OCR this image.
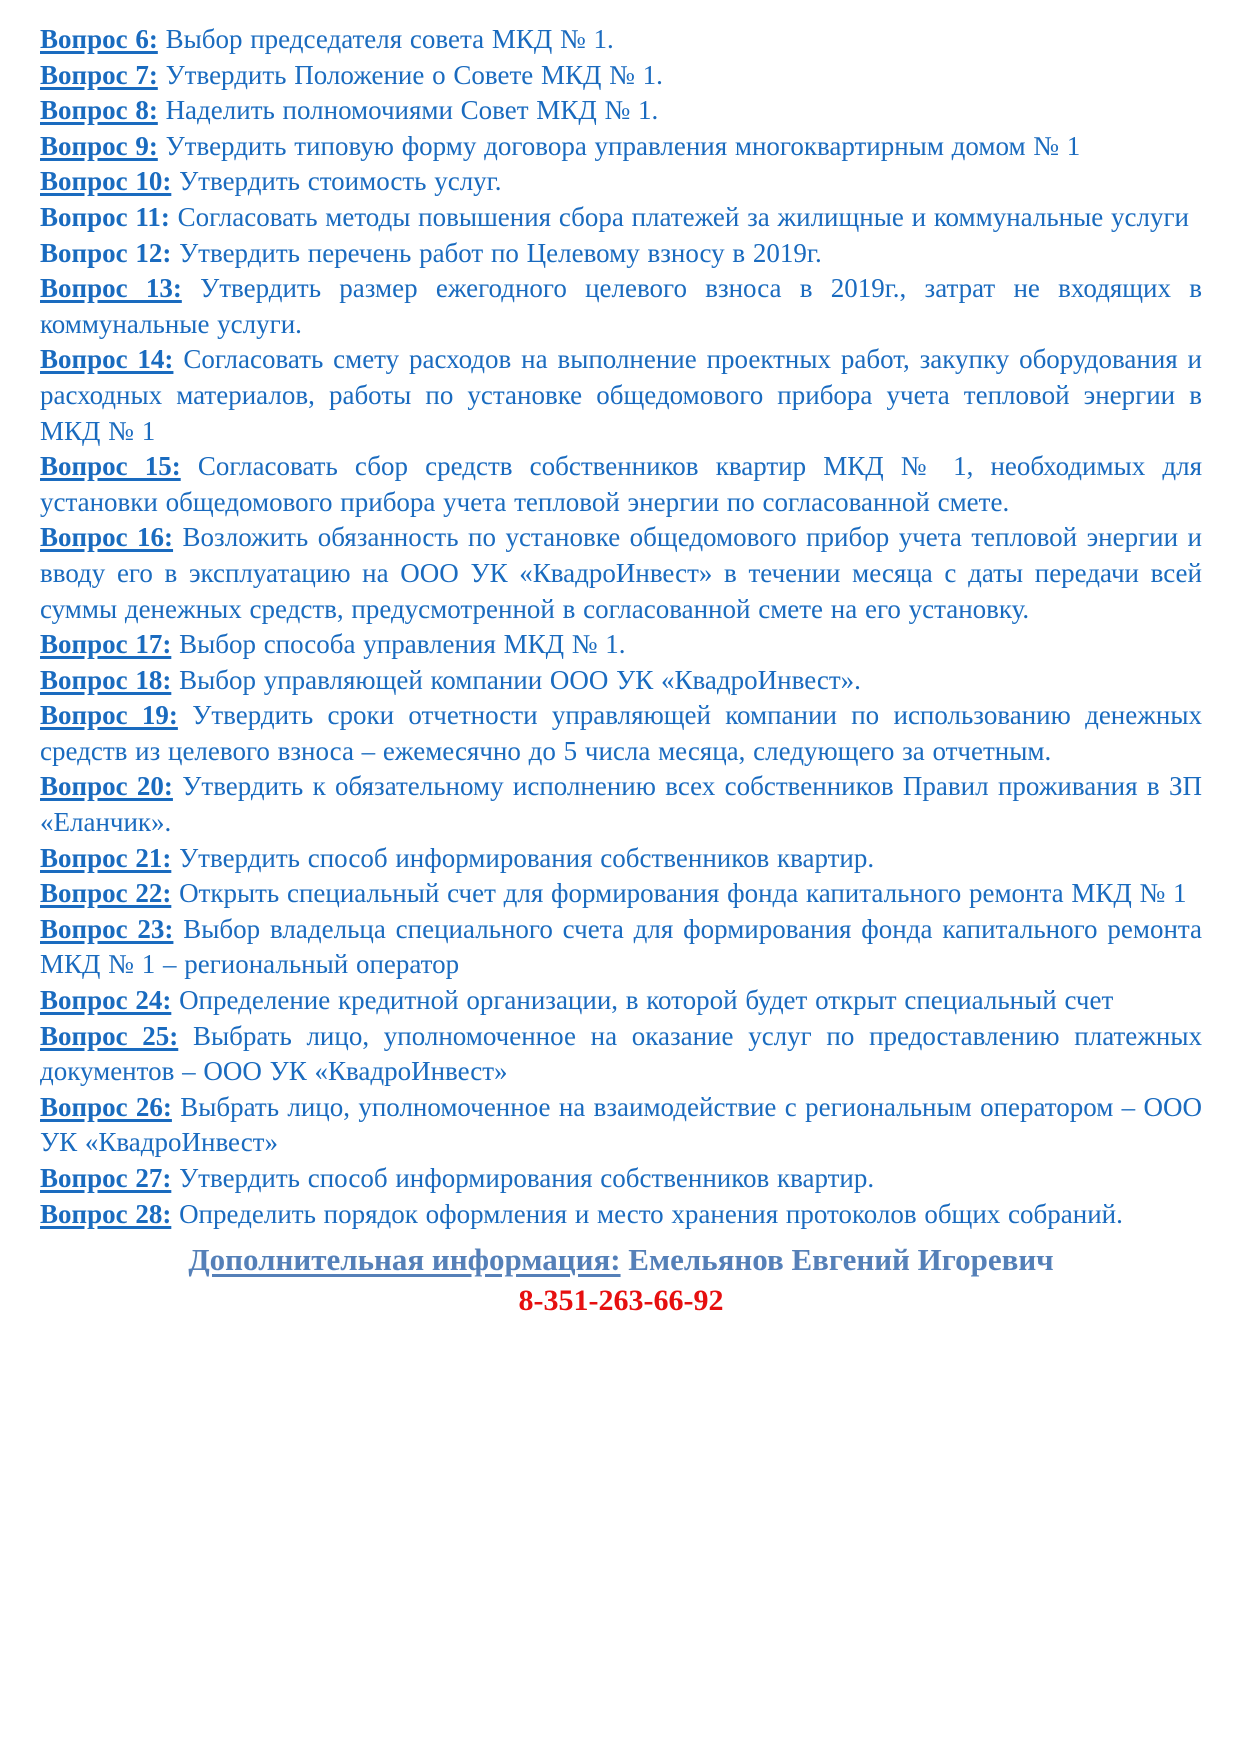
Вопрос 6: Выбор председателя совета МКД № 1.

Вопрос 7: Утвердить Положение о Совете МКД № 1.

Вопрос 8: Наделить полномочиями Совет МКД № 1.

Вопрос 9: Утвердить типовую форму договора управления многоквартирным домом № 1

Вопрос 10: Утвердить стоимость услуг.

Вопрос 11: Согласовать методы повышения сбора платежей за жилищные и коммунальные услуги

Вопрос 12: Утвердить перечень работ по Целевому взносу в 2019г.

Вопрос 13: Утвердить размер ежегодного целевого взноса в 2019г., затрат не входящих в коммунальные услуги.

Вопрос 14: Согласовать смету расходов на выполнение проектных работ, закупку оборудования и расходных материалов, работы по установке общедомового прибора учета тепловой энергии в МКД № 1

Вопрос 15: Согласовать сбор средств собственников квартир МКД № 1, необходимых для установки общедомового прибора учета тепловой энергии по согласованной смете.

Вопрос 16: Возложить обязанность по установке общедомового прибор учета тепловой энергии и вводу его в эксплуатацию на ООО УК «КвадроИнвест» в течении месяца с даты передачи всей суммы денежных средств, предусмотренной в согласованной смете на его установку.

Вопрос 17: Выбор способа управления МКД № 1.

Вопрос 18: Выбор управляющей компании ООО УК «КвадроИнвест».

Вопрос 19: Утвердить сроки отчетности управляющей компании по использованию денежных средств из целевого взноса – ежемесячно до 5 числа месяца, следующего за отчетным.

Вопрос 20: Утвердить к обязательному исполнению всех собственников Правил проживания в ЗП «Еланчик».

Вопрос 21: Утвердить способ информирования собственников квартир.

Вопрос 22: Открыть специальный счет для формирования фонда капитального ремонта МКД № 1

Вопрос 23: Выбор владельца специального счета для формирования фонда капитального ремонта МКД № 1 – региональный оператор

Вопрос 24: Определение кредитной организации, в которой будет открыт специальный счет

Вопрос 25: Выбрать лицо, уполномоченное на оказание услуг по предоставлению платежных документов – ООО УК «КвадроИнвест»

Вопрос 26: Выбрать лицо, уполномоченное на взаимодействие с региональным оператором – ООО УК «КвадроИнвест»

Вопрос 27: Утвердить способ информирования собственников квартир.

Вопрос 28: Определить порядок оформления и место хранения протоколов общих собраний.

Дополнительная информация: Емельянов Евгений Игоревич

8-351-263-66-92
